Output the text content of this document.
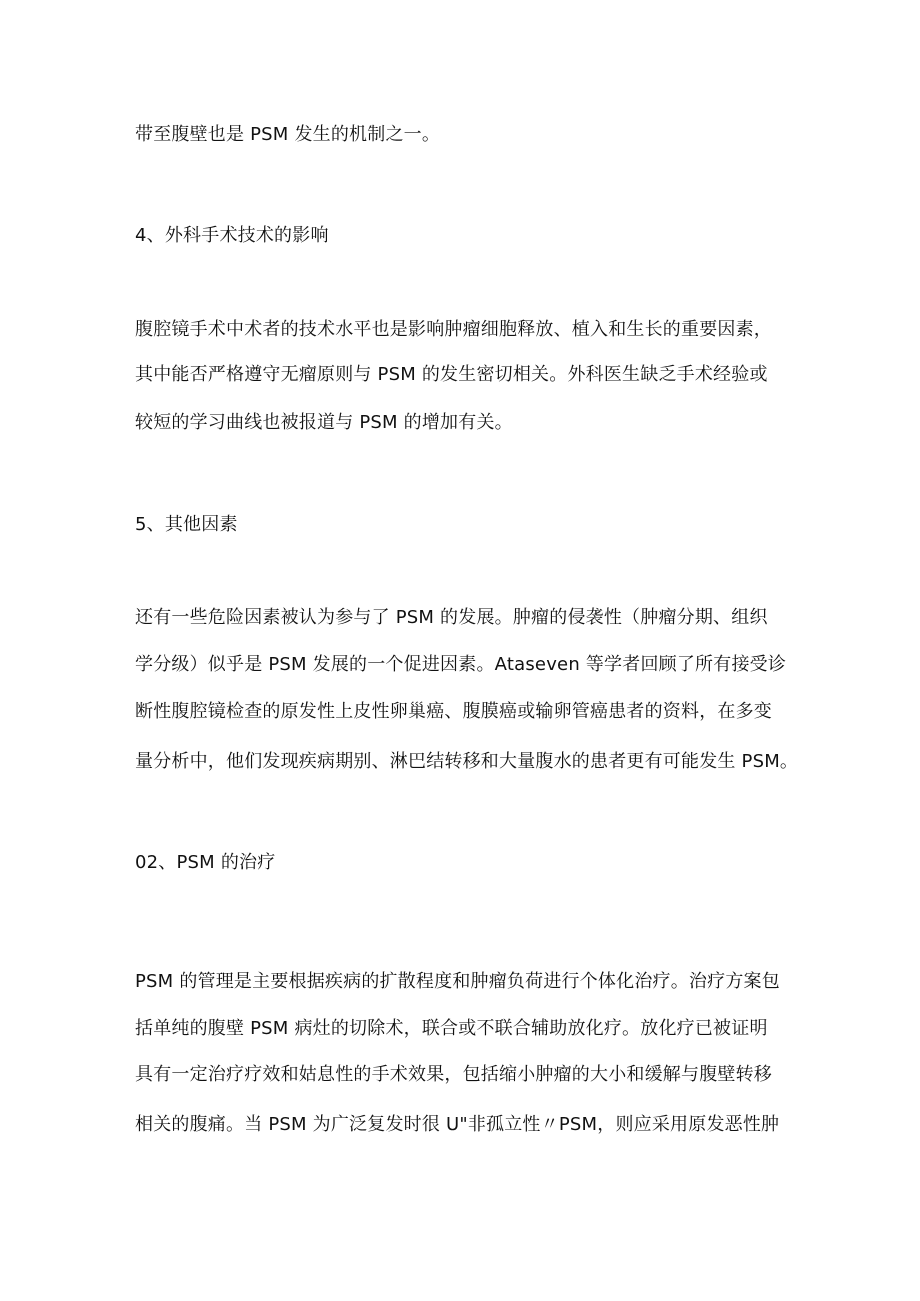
带至腹壁也是 PSM 发生的机制之一。

4、外科手术技术的影响

腹腔镜手术中术者的技术水平也是影响肿瘤细胞释放、植入和生长的重要因素，

其中能否严格遵守无瘤原则与 PSM 的发生密切相关。外科医生缺乏手术经验或

较短的学习曲线也被报道与 PSM 的增加有关。

5、其他因素

还有一些危险因素被认为参与了 PSM 的发展。肿瘤的侵袭性（肿瘤分期、组织

学分级）似乎是 PSM 发展的一个促进因素。Ataseven 等学者回顾了所有接受诊

断性腹腔镜检查的原发性上皮性卵巢癌、腹膜癌或输卵管癌患者的资料，在多变

量分析中，他们发现疾病期别、淋巴结转移和大量腹水的患者更有可能发生 PSM。

02、PSM 的治疗

PSM 的管理是主要根据疾病的扩散程度和肿瘤负荷进行个体化治疗。治疗方案包

括单纯的腹壁 PSM 病灶的切除术，联合或不联合辅助放化疗。放化疗已被证明

具有一定治疗疗效和姑息性的手术效果，包括缩小肿瘤的大小和缓解与腹壁转移

相关的腹痛。当 PSM 为广泛复发时很 U"非孤立性〃PSM，则应采用原发恶性肿
